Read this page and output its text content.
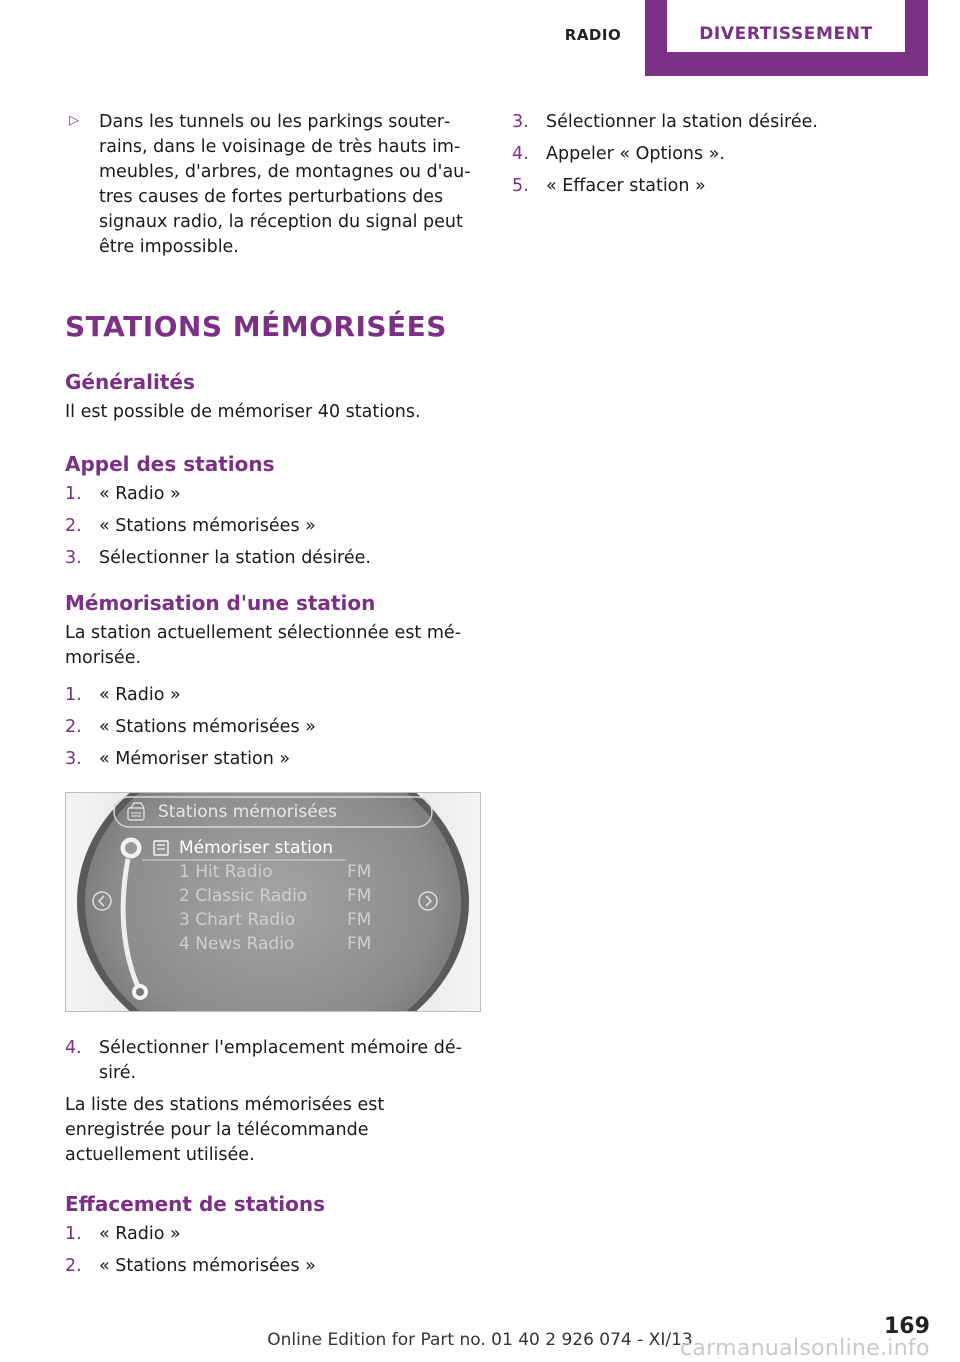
RADIO	DIVERTISSEMENT
▷	Dans les tunnels ou les parkings souterrains, dans le voisinage de très hauts immeubles, d'arbres, de montagnes ou d'autres causes de fortes perturbations des signaux radio, la réception du signal peut être impossible.
STATIONS MÉMORISÉES
Généralités

Il est possible de mémoriser 40 stations.

Appel des stations
1. « Radio »
2. « Stations mémorisées »
3. Sélectionner la station désirée.
Mémorisation d'une station

La station actuellement sélectionnée est mémorisée.

1. « Radio »
2. « Stations mémorisées »
3. « Mémoriser station »
Stations mémorisées
Mémoriser station
1 Hit Radio	FM
2 Classic Radio FM
3 Chart Radio	FM
4 News Radio	FM
4. Sélectionner l'emplacement mémoire désiré.

La liste des stations mémorisées est enregistrée pour la télécommande actuellement utilisée.

Effacement de stations
1. « Radio »
2. « Stations mémorisées »
3. Sélectionner la station désirée.
4. Appeler « Options ».
5. « Effacer station »
169
Online Edition for Part no. 01 40 2 926 074 - XI/13
carmanualsonline.info
